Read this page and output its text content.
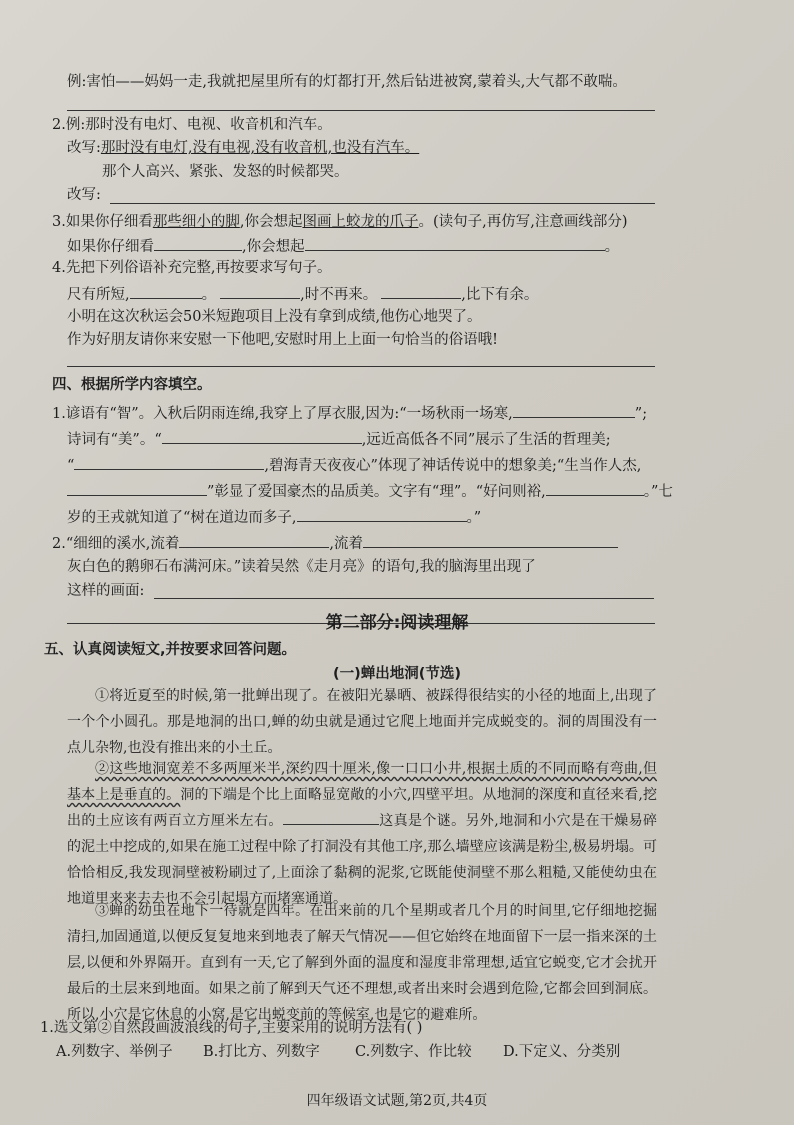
例:害怕——妈妈一走,我就把屋里所有的灯都打开,然后钻进被窝,蒙着头,大气都不敢喘。
2.例:那时没有电灯、电视、收音机和汽车。
改写:那时没有电灯,没有电视,没有收音机,也没有汽车。
那个人高兴、紧张、发怒的时候都哭。
改写:
3.如果你仔细看那些细小的脚,你会想起图画上蛟龙的爪子。(读句子,再仿写,注意画线部分)
如果你仔细看	,你会想起	。
4.先把下列俗语补充完整,再按要求写句子。
尺有所短,	。	,时不再来。	,比下有余。
小明在这次秋运会50米短跑项目上没有拿到成绩,他伤心地哭了。
作为好朋友请你来安慰一下他吧,安慰时用上上面一句恰当的俗语哦!
四、根据所学内容填空。
1.谚语有“智”。入秋后阴雨连绵,我穿上了厚衣服,因为:“一场秋雨一场寒,	”;
诗词有“美”。“	,远近高低各不同”展示了生活的哲理美;
“	,碧海青天夜夜心”体现了神话传说中的想象美;“生当作人杰,
”彰显了爱国豪杰的品质美。文字有“理”。“好问则裕,	。”七
岁的王戎就知道了“树在道边而多子,	。”
2.“细细的溪水,流着	,流着
灰白色的鹅卵石布满河床。”读着吴然《走月亮》的语句,我的脑海里出现了
这样的画面:
第二部分:阅读理解
五、认真阅读短文,并按要求回答问题。
(一)蝉出地洞(节选)
①将近夏至的时候,第一批蝉出现了。在被阳光暴晒、被踩得很结实的小径的地面上,出现了一个个小圆孔。那是地洞的出口,蝉的幼虫就是通过它爬上地面并完成蜕变的。洞的周围没有一点儿杂物,也没有推出来的小土丘。
②这些地洞宽差不多两厘米半,深约四十厘米,像一口口小井,根据土质的不同而略有弯曲,但基本上是垂直的。洞的下端是个比上面略显宽敞的小穴,四壁平坦。从地洞的深度和直径来看,挖出的土应该有两百立方厘米左右。	这真是个谜。另外,地洞和小穴是在干燥易碎的泥土中挖成的,如果在施工过程中除了打洞没有其他工序,那么墙壁应该满是粉尘,极易坍塌。可恰恰相反,我发现洞壁被粉刷过了,上面涂了黏稠的泥浆,它既能使洞壁不那么粗糙,又能使幼虫在地道里来来去去也不会引起塌方而堵塞通道。
③蝉的幼虫在地下一待就是四年。在出来前的几个星期或者几个月的时间里,它仔细地挖掘清扫,加固通道,以便反复复地来到地表了解天气情况——但它始终在地面留下一层一指来深的土层,以便和外界隔开。直到有一天,它了解到外面的温度和湿度非常理想,适宜它蜕变,它才会扰开最后的土层来到地面。如果之前了解到天气还不理想,或者出来时会遇到危险,它都会回到洞底。所以,小穴是它休息的小窝,是它出蜕变前的等候室,也是它的避难所。
1.选文第②自然段画波浪线的句子,主要采用的说明方法有( )
A.列数字、举例子 B.打比方、列数字 C.列数字、作比较 D.下定义、分类别
四年级语文试题,第2页,共4页
